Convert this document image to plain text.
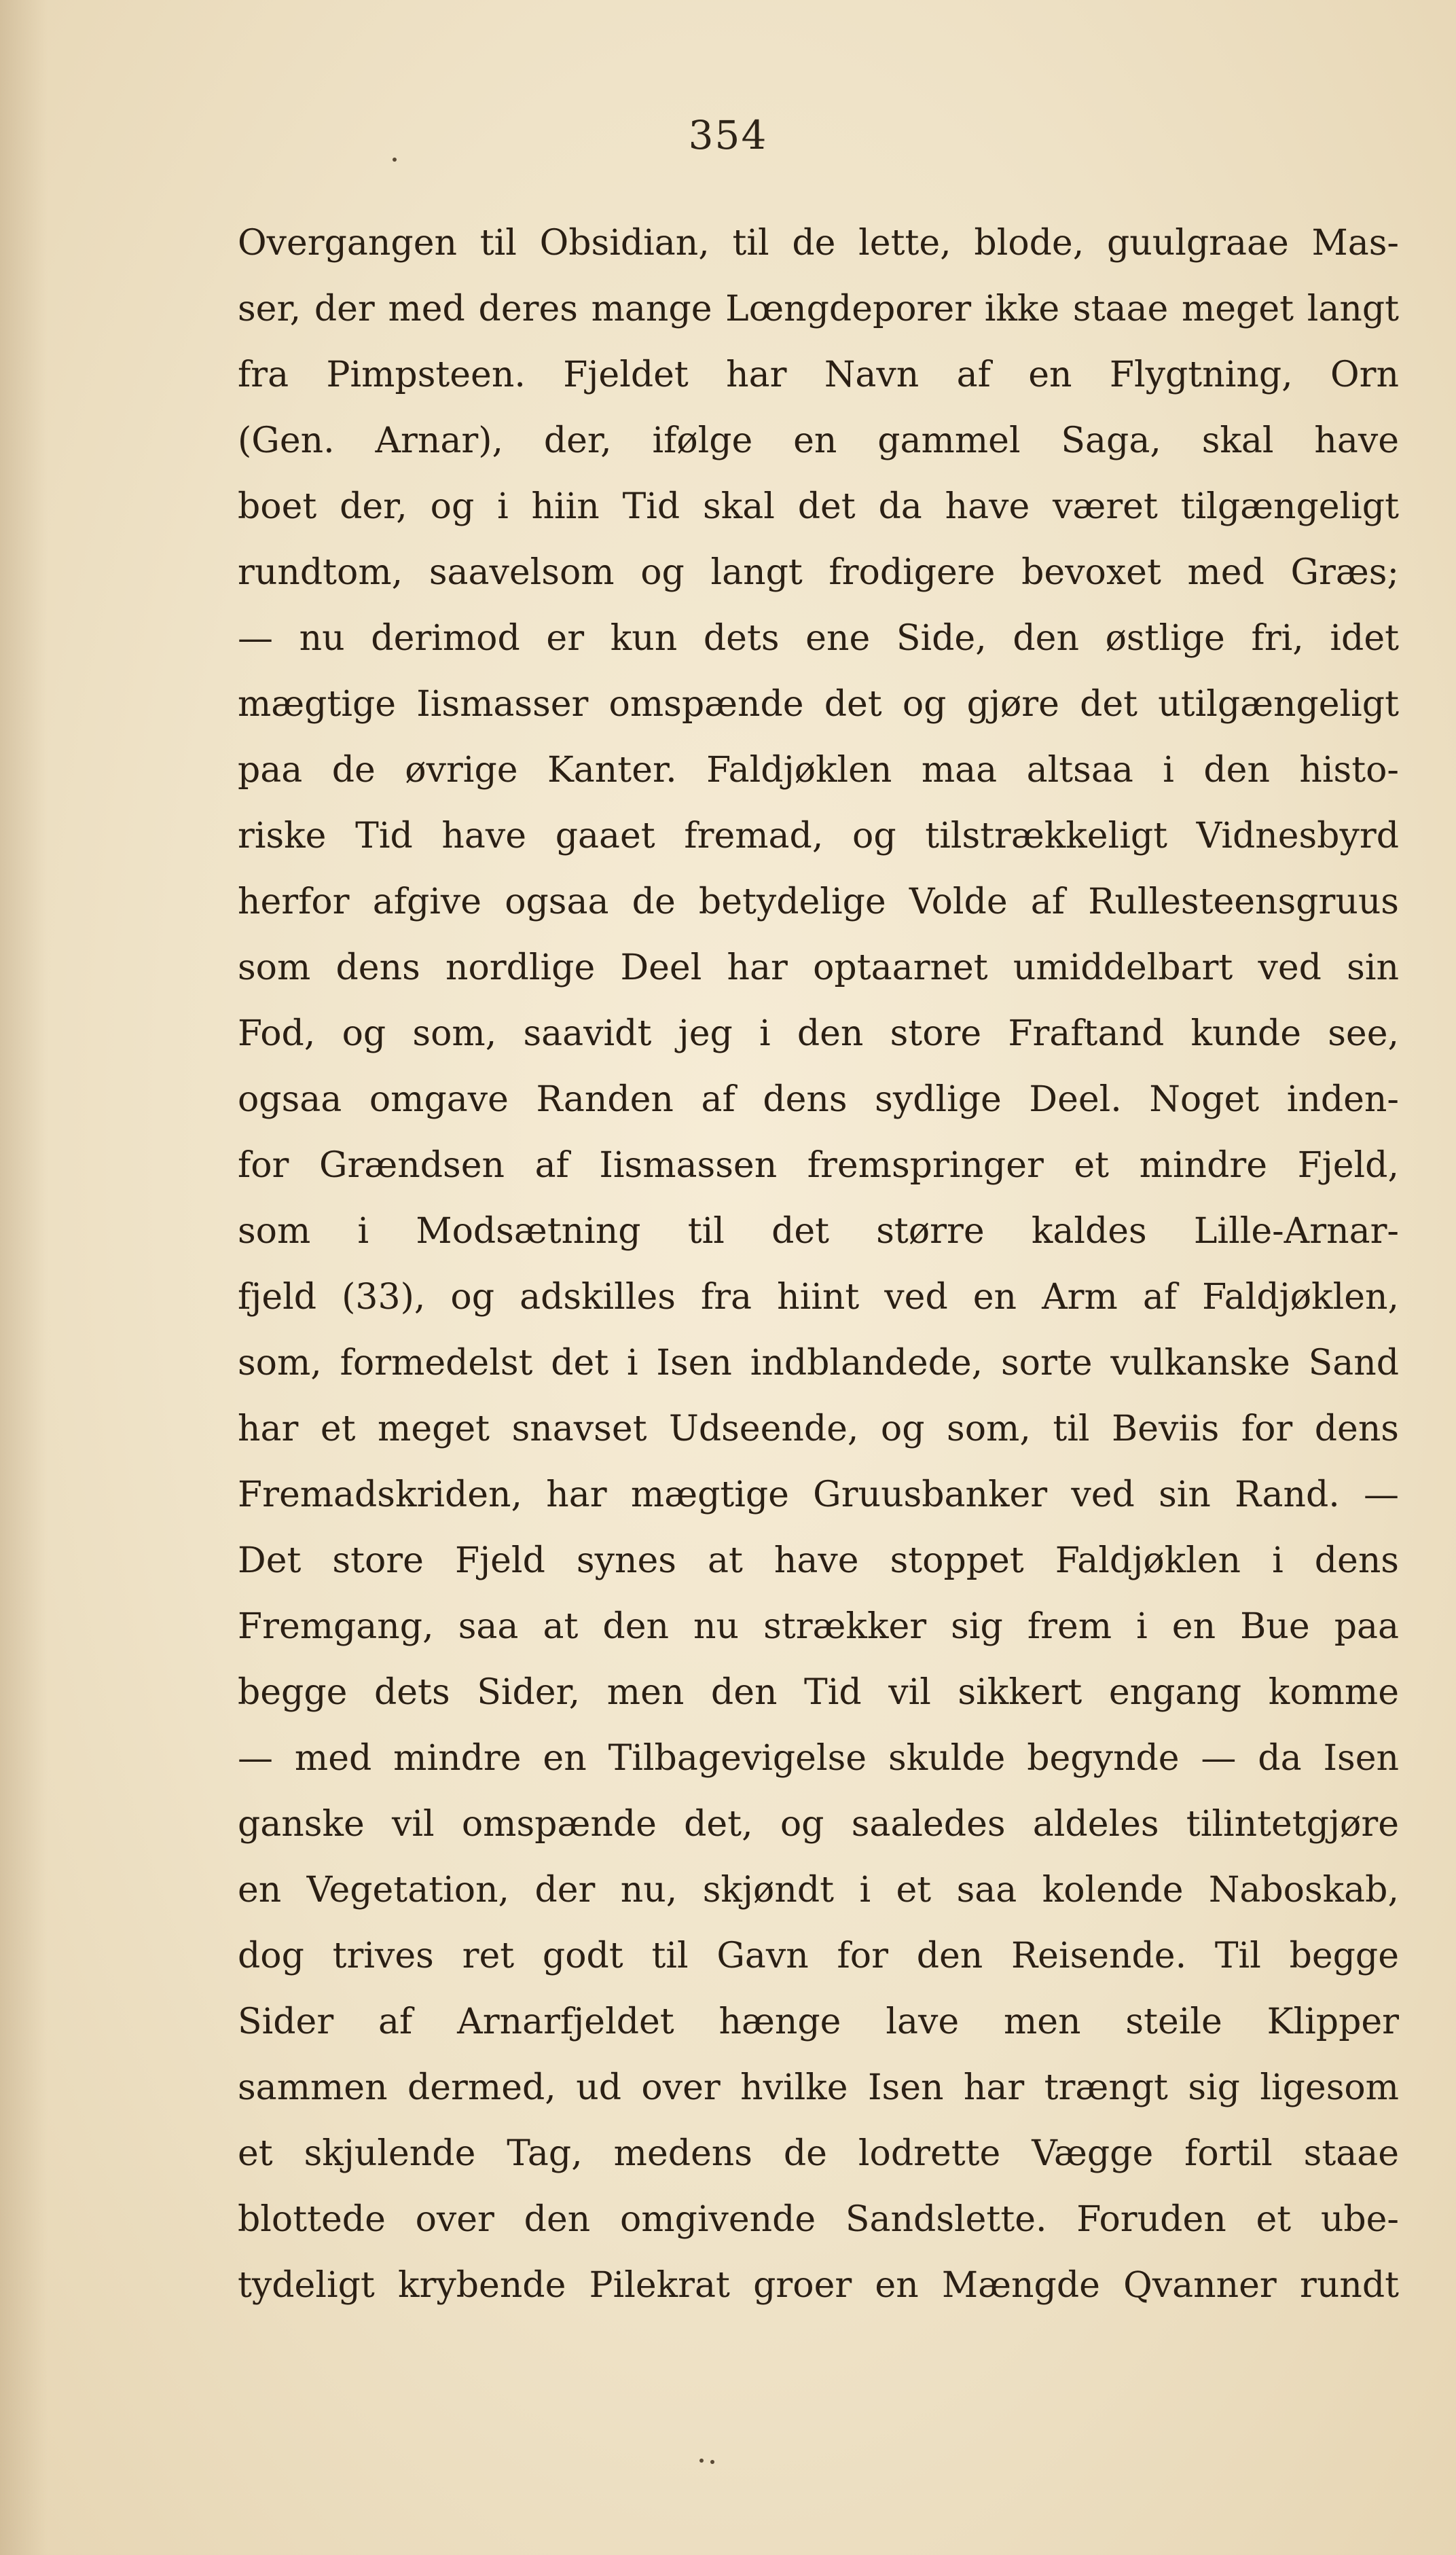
354
Overgangen til Obsidian, til de lette, blode, guulgraae Mas-
ser, der med deres mange Lœngdeporer ikke staae meget langt
fra Pimpsteen. Fjeldet har Navn af en Flygtning, Orn
(Gen. Arnar), der, ifølge en gammel Saga, skal have
boet der, og i hiin Tid skal det da have været tilgængeligt
rundtom, saavelsom og langt frodigere bevoxet med Græs;
— nu derimod er kun dets ene Side, den østlige fri, idet
mægtige Iismasser omspænde det og gjøre det utilgængeligt
paa de øvrige Kanter. Faldjøklen maa altsaa i den histo-
riske Tid have gaaet fremad, og tilstrækkeligt Vidnesbyrd
herfor afgive ogsaa de betydelige Volde af Rullesteensgruus
som dens nordlige Deel har optaarnet umiddelbart ved sin
Fod, og som, saavidt jeg i den store Fraftand kunde see,
ogsaa omgave Randen af dens sydlige Deel. Noget inden-
for Grændsen af Iismassen fremspringer et mindre Fjeld,
som i Modsætning til det større kaldes Lille-Arnar-
fjeld (33), og adskilles fra hiint ved en Arm af Faldjøklen,
som, formedelst det i Isen indblandede, sorte vulkanske Sand
har et meget snavset Udseende, og som, til Beviis for dens
Fremadskriden, har mægtige Gruusbanker ved sin Rand. —
Det store Fjeld synes at have stoppet Faldjøklen i dens
Fremgang, saa at den nu strækker sig frem i en Bue paa
begge dets Sider, men den Tid vil sikkert engang komme
— med mindre en Tilbagevigelse skulde begynde — da Isen
ganske vil omspænde det, og saaledes aldeles tilintetgjøre
en Vegetation, der nu, skjøndt i et saa kolende Naboskab,
dog trives ret godt til Gavn for den Reisende. Til begge
Sider af Arnarfjeldet hænge lave men steile Klipper
sammen dermed, ud over hvilke Isen har trængt sig ligesom
et skjulende Tag, medens de lodrette Vægge fortil staae
blottede over den omgivende Sandslette. Foruden et ube-
tydeligt krybende Pilekrat groer en Mængde Qvanner rundt
